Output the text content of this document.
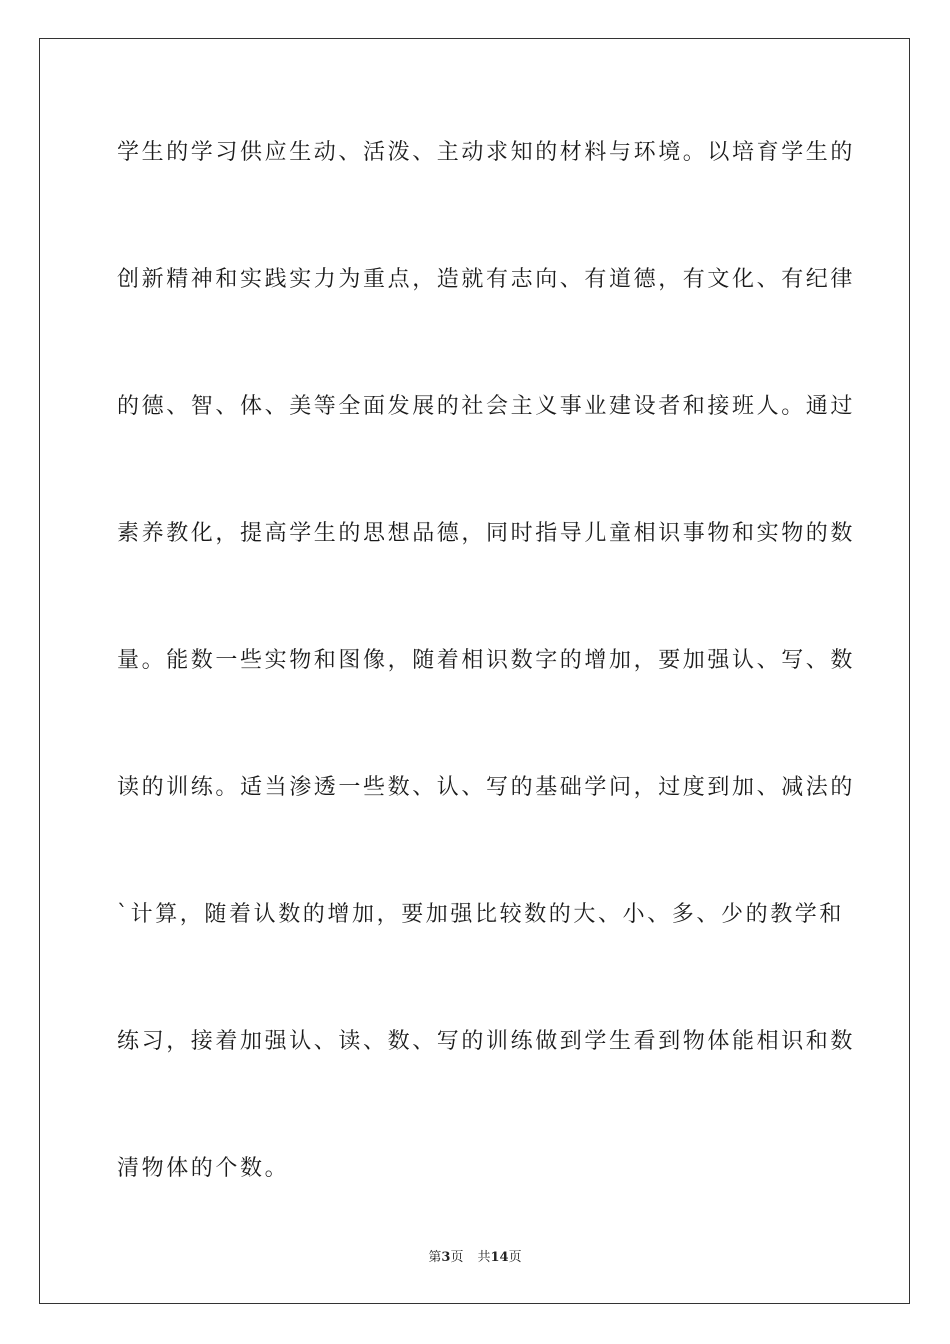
学生的学习供应生动、活泼、主动求知的材料与环境。以培育学生的

创新精神和实践实力为重点，造就有志向、有道德，有文化、有纪律

的德、智、体、美等全面发展的社会主义事业建设者和接班人。通过

素养教化，提高学生的思想品德，同时指导儿童相识事物和实物的数

量。能数一些实物和图像，随着相识数字的增加，要加强认、写、数

读的训练。适当渗透一些数、认、写的基础学问，过度到加、减法的

`计算，随着认数的增加，要加强比较数的大、小、多、少的教学和

练习，接着加强认、读、数、写的训练做到学生看到物体能相识和数

清物体的个数。

第3页 共14页
